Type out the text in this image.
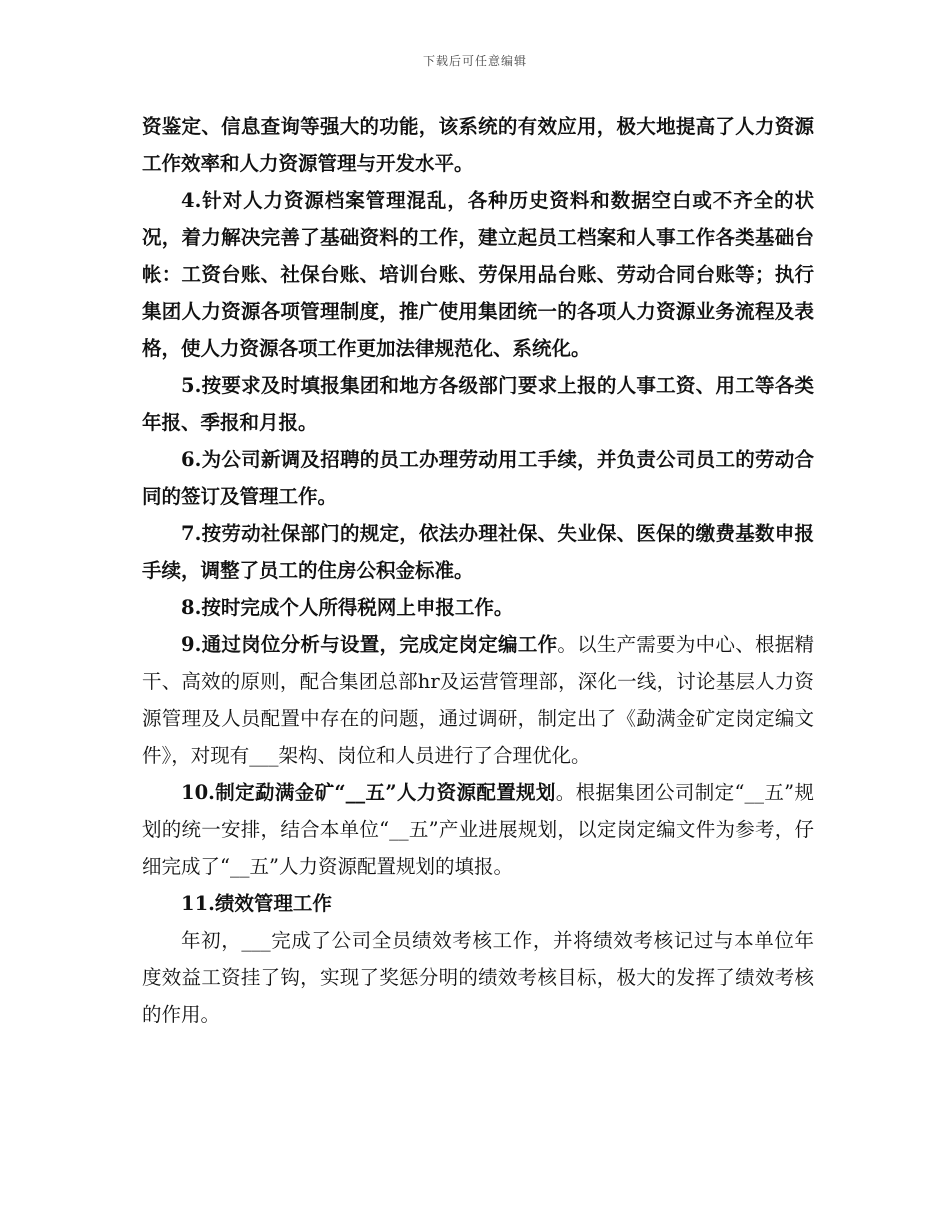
下载后可任意编辑

资鉴定、信息查询等强大的功能，该系统的有效应用，极大地提高了人力资源工作效率和人力资源管理与开发水平。

4.针对人力资源档案管理混乱，各种历史资料和数据空白或不齐全的状况，着力解决完善了基础资料的工作，建立起员工档案和人事工作各类基础台帐：工资台账、社保台账、培训台账、劳保用品台账、劳动合同台账等；执行集团人力资源各项管理制度，推广使用集团统一的各项人力资源业务流程及表格，使人力资源各项工作更加法律规范化、系统化。

5.按要求及时填报集团和地方各级部门要求上报的人事工资、用工等各类年报、季报和月报。

6.为公司新调及招聘的员工办理劳动用工手续，并负责公司员工的劳动合同的签订及管理工作。

7.按劳动社保部门的规定，依法办理社保、失业保、医保的缴费基数申报手续，调整了员工的住房公积金标准。

8.按时完成个人所得税网上申报工作。

9.通过岗位分析与设置，完成定岗定编工作。以生产需要为中心、根据精干、高效的原则，配合集团总部hr及运营管理部，深化一线，讨论基层人力资源管理及人员配置中存在的问题，通过调研，制定出了《勐满金矿定岗定编文件》，对现有___架构、岗位和人员进行了合理优化。

10.制定勐满金矿“__五”人力资源配置规划。根据集团公司制定“__五”规划的统一安排，结合本单位“__五”产业进展规划，以定岗定编文件为参考，仔细完成了“__五”人力资源配置规划的填报。

11.绩效管理工作

年初，___完成了公司全员绩效考核工作，并将绩效考核记过与本单位年度效益工资挂了钩，实现了奖惩分明的绩效考核目标，极大的发挥了绩效考核的作用。
